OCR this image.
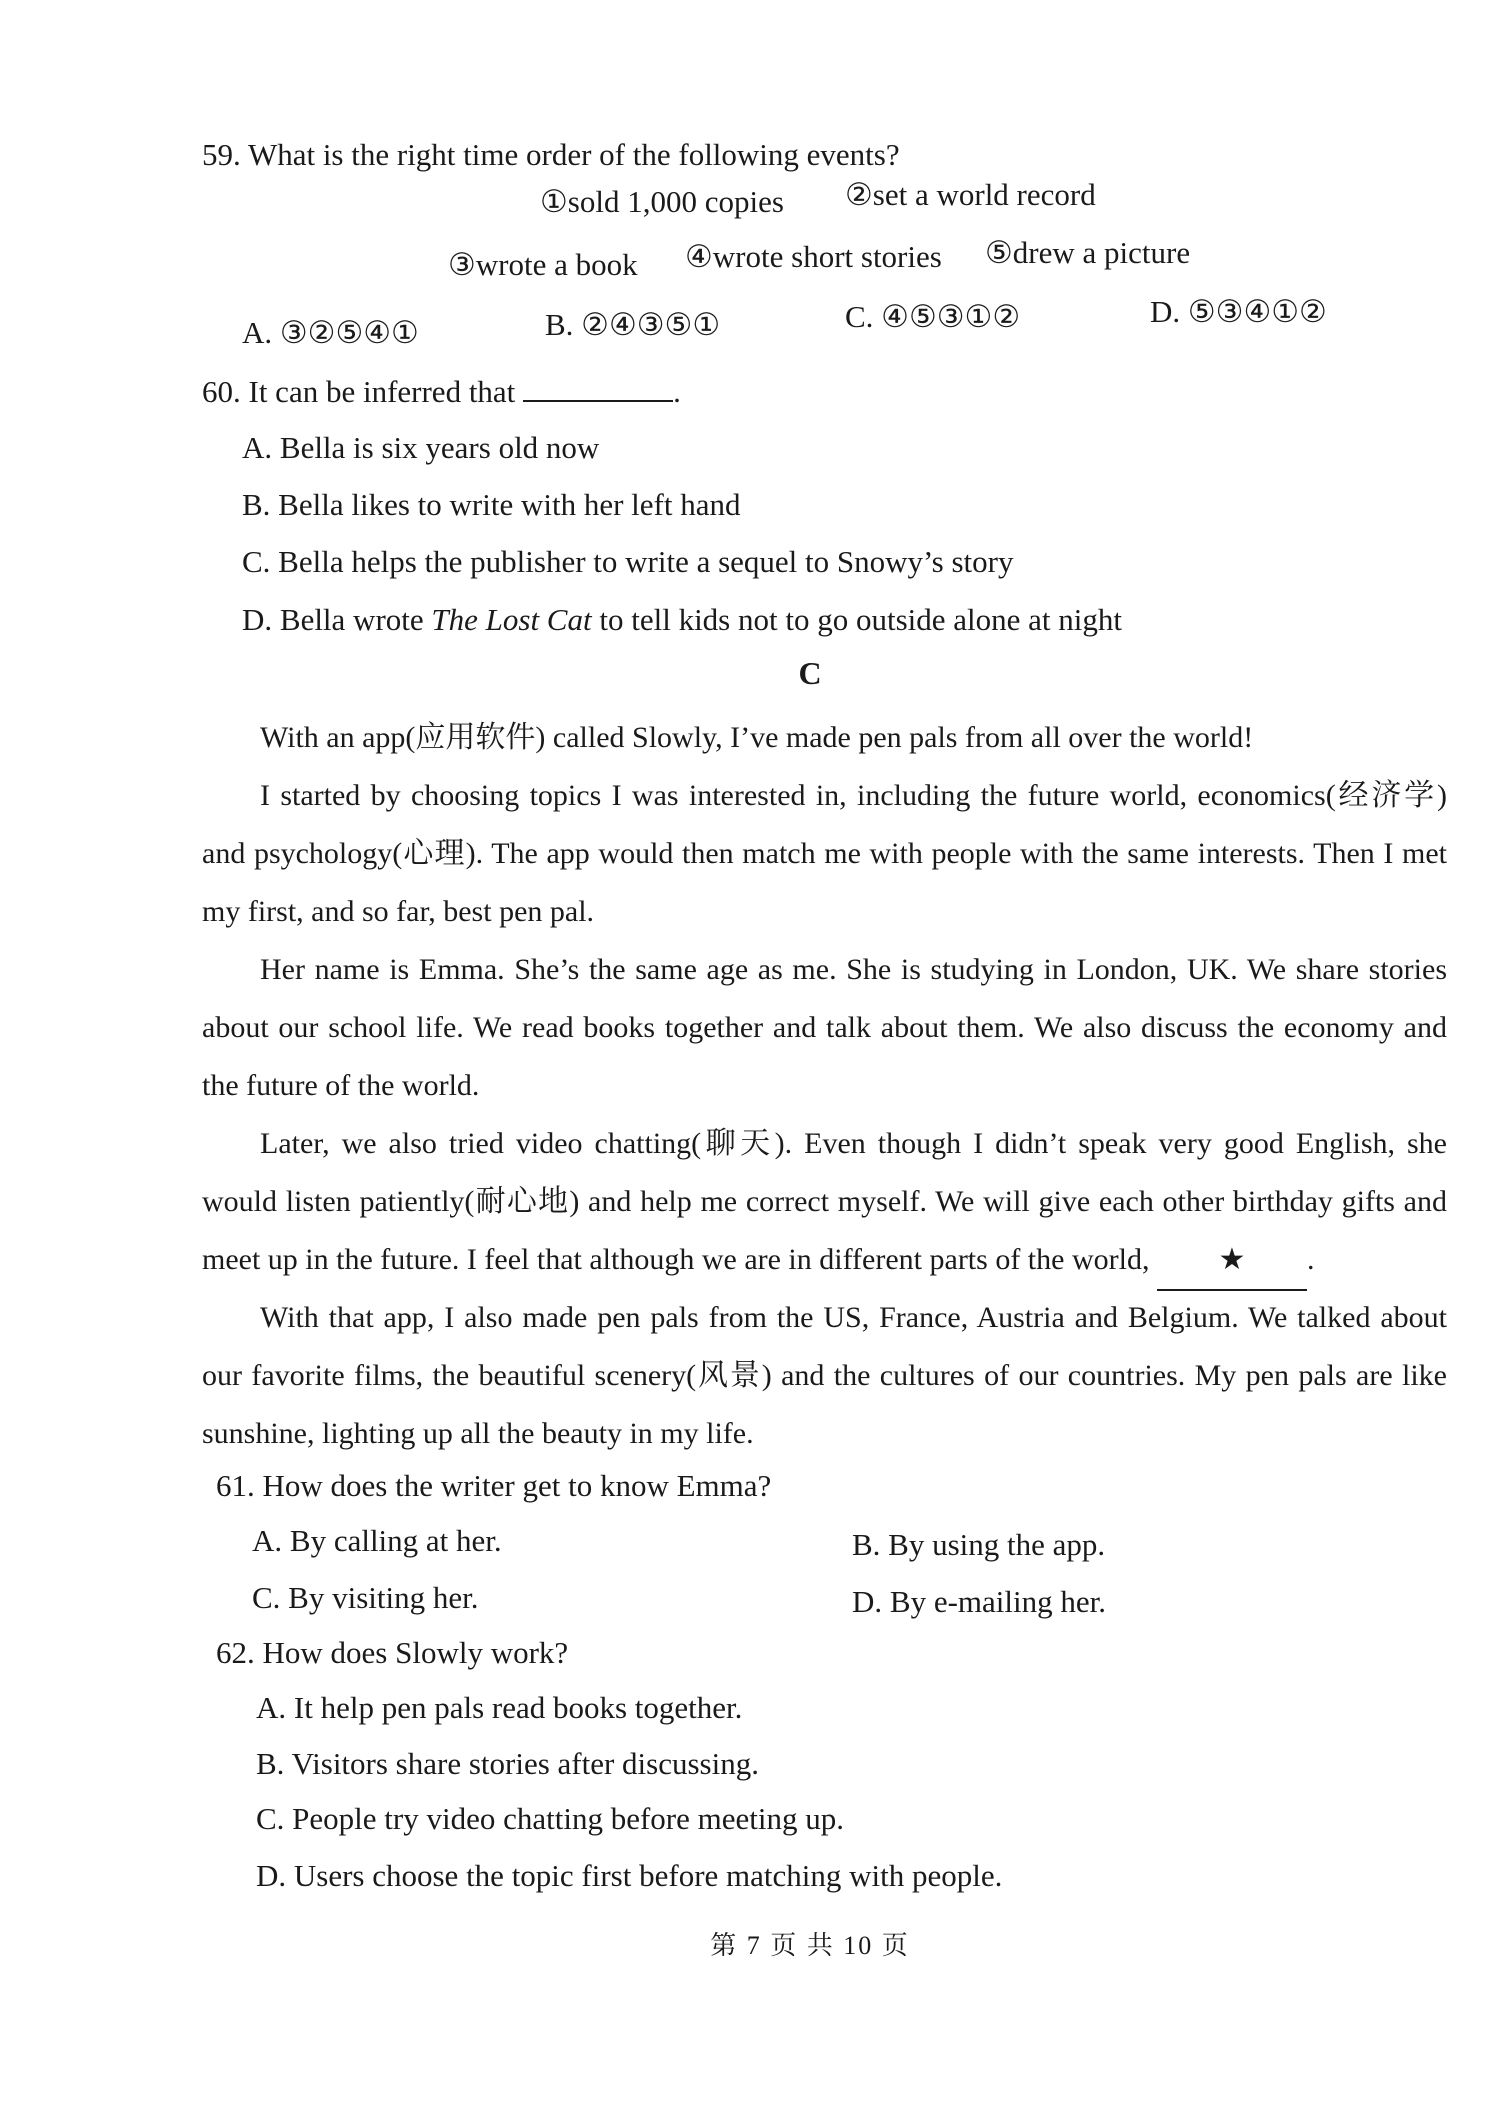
59. What is the right time order of the following events?
①sold 1,000 copies ②set a world record
③wrote a book ④wrote short stories ⑤drew a picture
A. ③②⑤④①	B. ②④③⑤①	C. ④⑤③①②	D. ⑤③④①②
60. It can be inferred that	.
A. Bella is six years old now
B. Bella likes to write with her left hand
C. Bella helps the publisher to write a sequel to Snowy’s story
D. Bella wrote The Lost Cat to tell kids not to go outside alone at night
C
With an app(应用软件) called Slowly, I’ve made pen pals from all over the world!
I started by choosing topics I was interested in, including the future world, economics(经济学) and psychology(心理). The app would then match me with people with the same interests. Then I met my first, and so far, best pen pal.
Her name is Emma. She’s the same age as me. She is studying in London, UK. We share stories about our school life. We read books together and talk about them. We also discuss the economy and the future of the world.
Later, we also tried video chatting(聊天). Even though I didn’t speak very good English, she would listen patiently(耐心地) and help me correct myself. We will give each other birthday gifts and meet up in the future. I feel that although we are in different parts of the world, ★ .
With that app, I also made pen pals from the US, France, Austria and Belgium. We talked about our favorite films, the beautiful scenery(风景) and the cultures of our countries. My pen pals are like sunshine, lighting up all the beauty in my life.
61. How does the writer get to know Emma?
A. By calling at her.	B. By using the app.
C. By visiting her.	D. By e-mailing her.
62. How does Slowly work?
A. It help pen pals read books together.
B. Visitors share stories after discussing.
C. People try video chatting before meeting up.
D. Users choose the topic first before matching with people.
第 7 页 共 10 页
